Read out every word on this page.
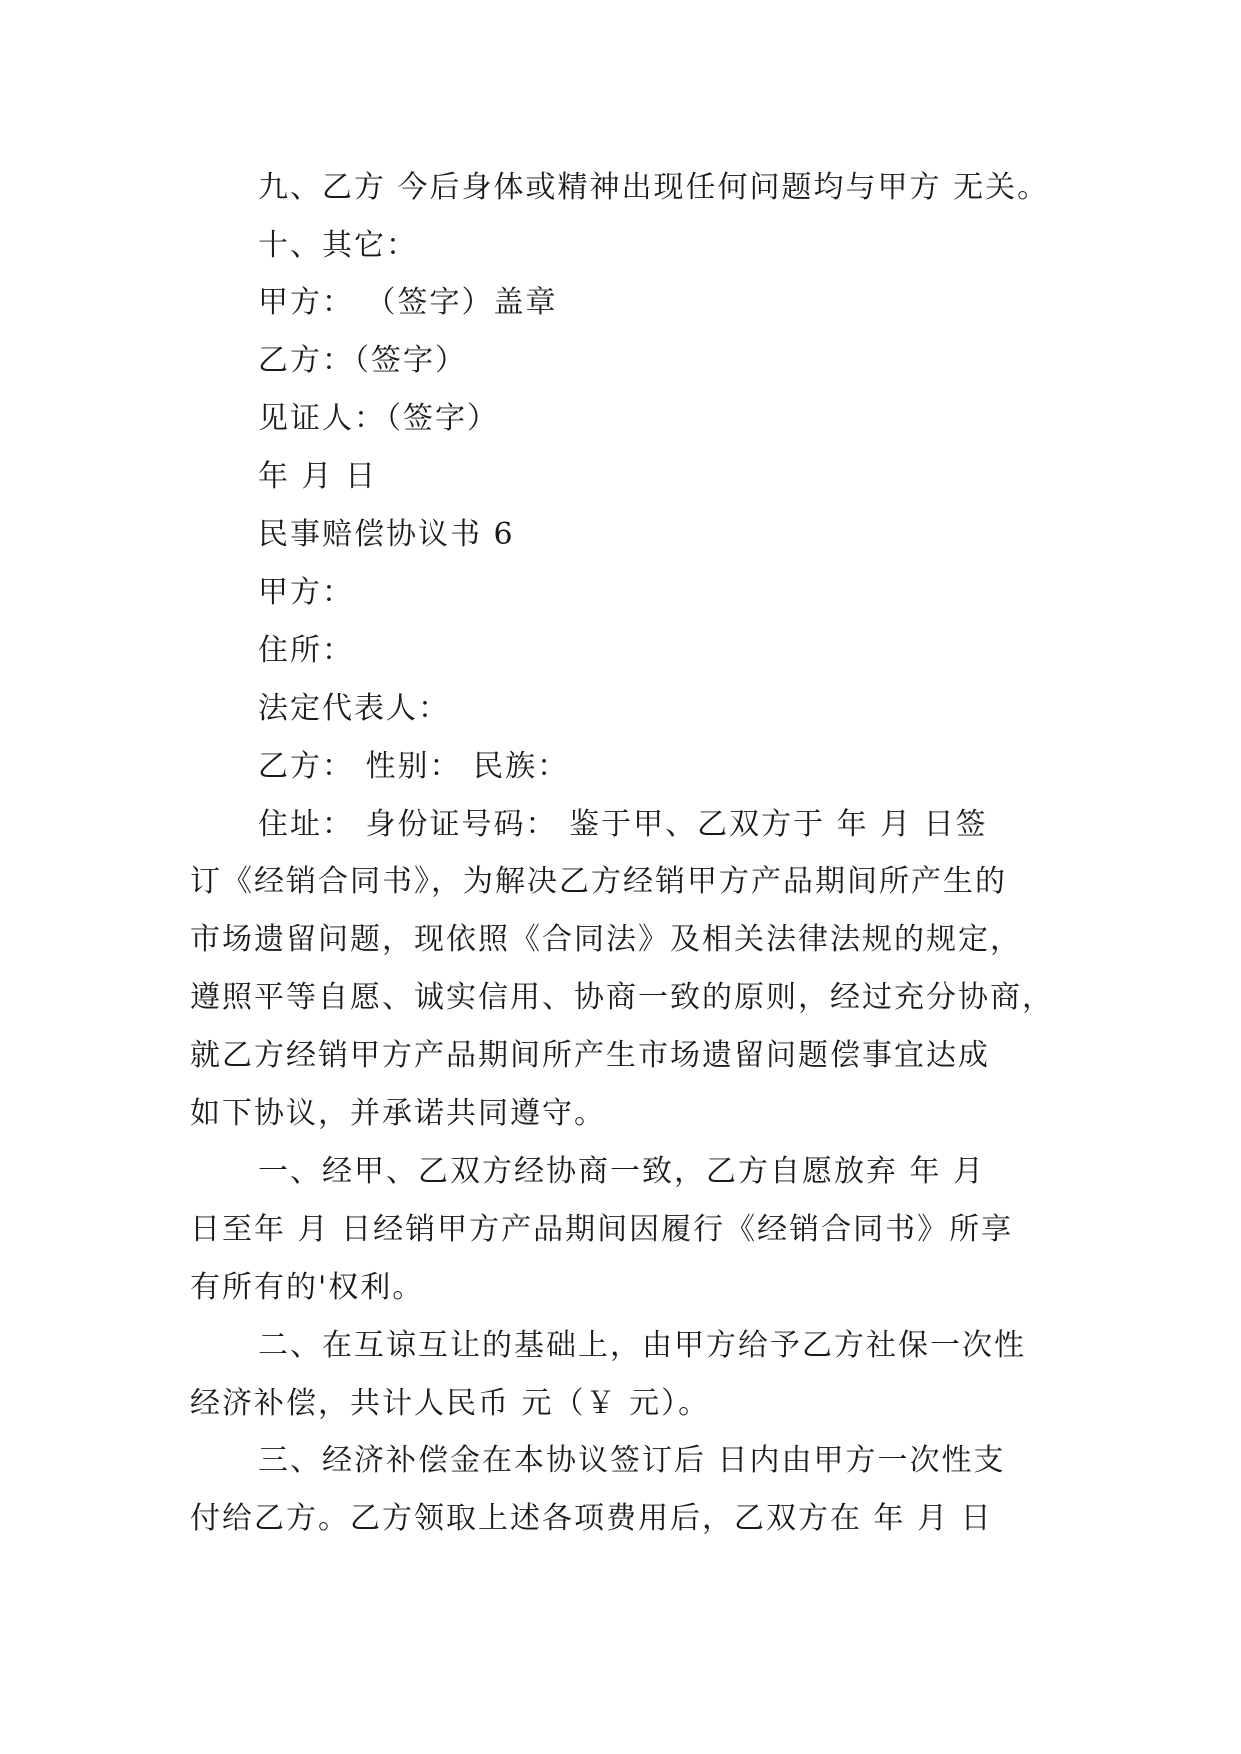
九、乙方 今后身体或精神出现任何问题均与甲方 无关。
十、其它：
甲方： （签字）盖章
乙方：（签字）
见证人：（签字）
年 月 日
民事赔偿协议书 6
甲方：
住所：
法定代表人：
乙方： 性别： 民族：
住址： 身份证号码： 鉴于甲、乙双方于 年 月 日签
订《经销合同书》，为解决乙方经销甲方产品期间所产生的
市场遗留问题，现依照《合同法》及相关法律法规的规定，
遵照平等自愿、诚实信用、协商一致的原则，经过充分协商，
就乙方经销甲方产品期间所产生市场遗留问题偿事宜达成
如下协议，并承诺共同遵守。
一、经甲、乙双方经协商一致，乙方自愿放弃 年 月
日至年 月 日经销甲方产品期间因履行《经销合同书》所享
有所有的'权利。
二、在互谅互让的基础上，由甲方给予乙方社保一次性
经济补偿，共计人民币 元（￥ 元）。
三、经济补偿金在本协议签订后 日内由甲方一次性支
付给乙方。乙方领取上述各项费用后，乙双方在 年 月 日
